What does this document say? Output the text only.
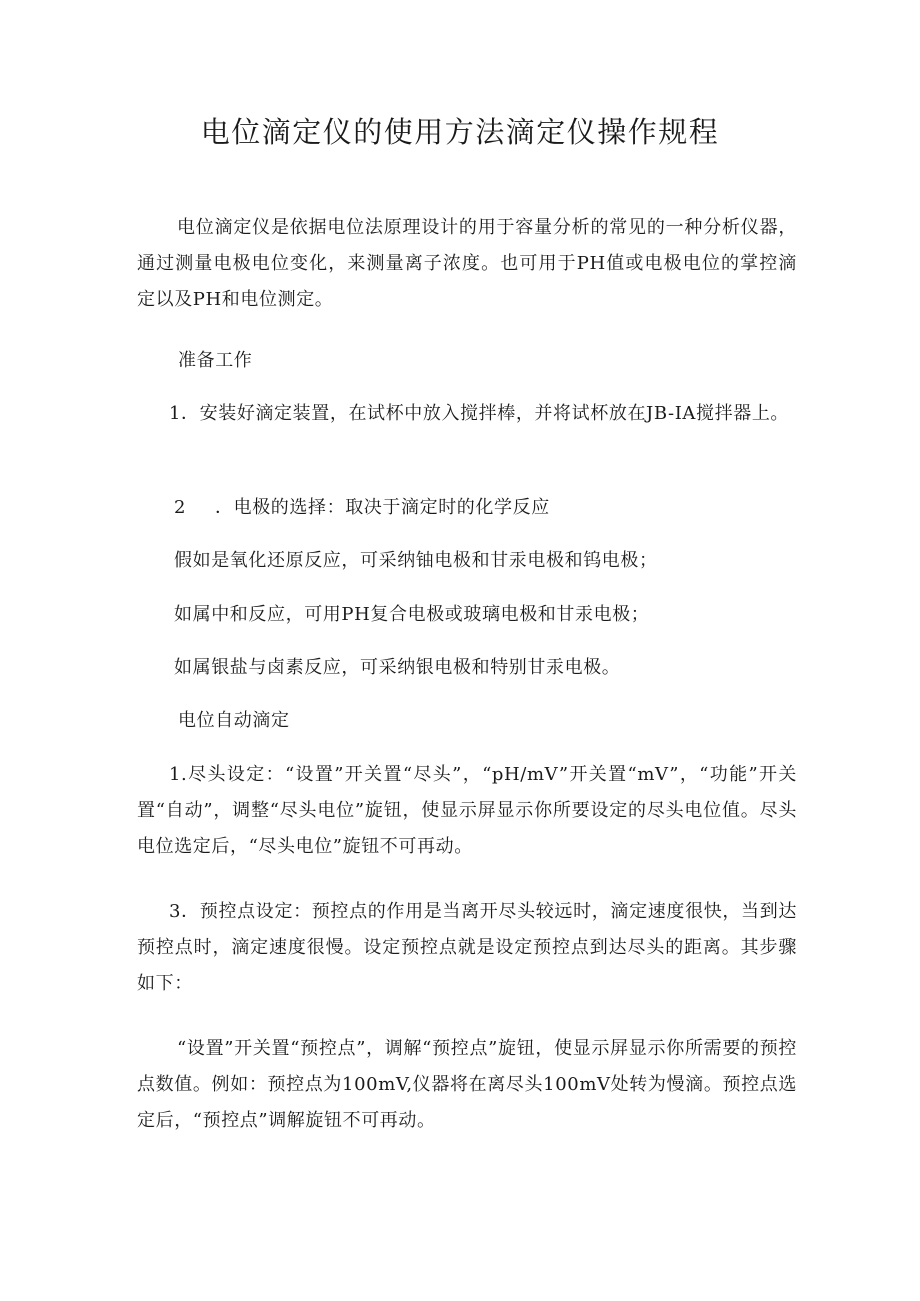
电位滴定仪的使用方法滴定仪操作规程
电位滴定仪是依据电位法原理设计的用于容量分析的常见的一种分析仪器，通过测量电极电位变化，来测量离子浓度。也可用于PH值或电极电位的掌控滴定以及PH和电位测定。
准备工作
1．安装好滴定装置，在试杯中放入搅拌棒，并将试杯放在JB-IA搅拌器上。
2 ．电极的选择：取决于滴定时的化学反应
假如是氧化还原反应，可采纳铀电极和甘汞电极和钨电极；
如属中和反应，可用PH复合电极或玻璃电极和甘汞电极；
如属银盐与卤素反应，可采纳银电极和特别甘汞电极。
电位自动滴定
1.尽头设定：“设置”开关置“尽头”，“pH/mV”开关置“mV”，“功能”开关置“自动”，调整“尽头电位”旋钮，使显示屏显示你所要设定的尽头电位值。尽头电位选定后，“尽头电位”旋钮不可再动。
3．预控点设定：预控点的作用是当离开尽头较远时，滴定速度很快，当到达预控点时，滴定速度很慢。设定预控点就是设定预控点到达尽头的距离。其步骤如下：
“设置”开关置“预控点”，调解“预控点”旋钮，使显示屏显示你所需要的预控点数值。例如：预控点为100mV,仪器将在离尽头100mV处转为慢滴。预控点选定后，“预控点”调解旋钮不可再动。
